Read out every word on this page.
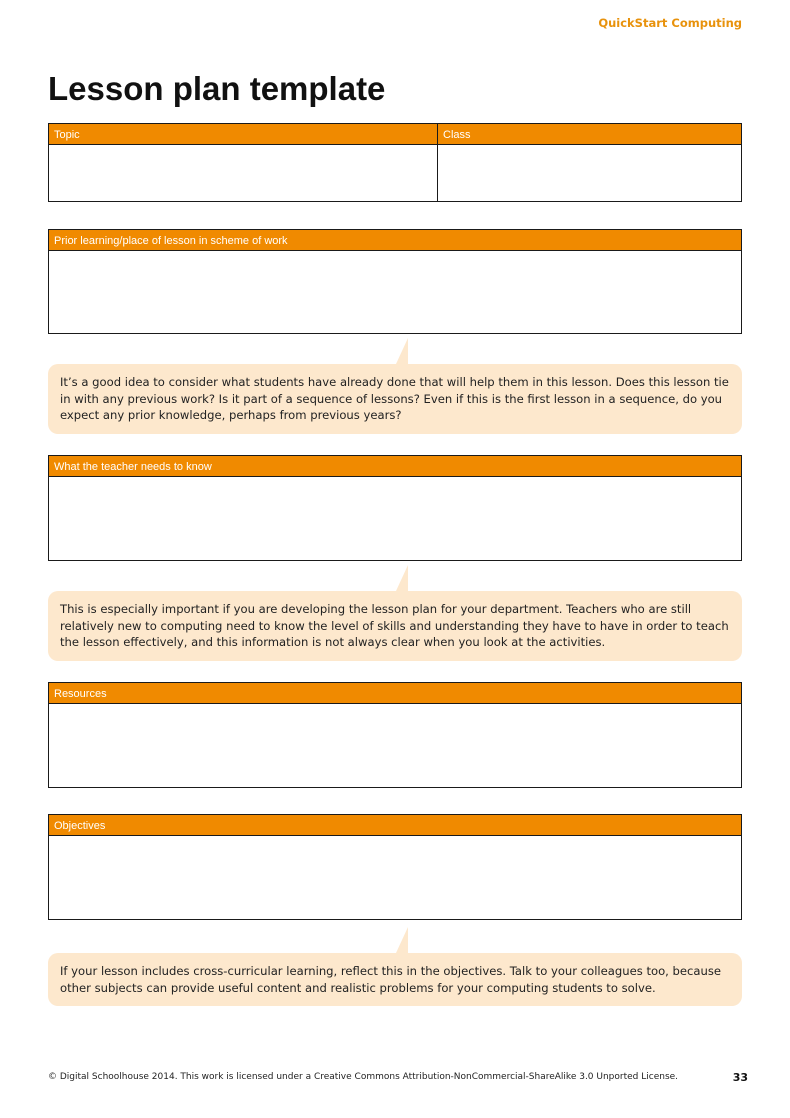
QuickStart Computing
Lesson plan template
Topic	Class
Prior learning/place of lesson in scheme of work
It’s a good idea to consider what students have already done that will help them in this lesson. Does this lesson tie in with any previous work? Is it part of a sequence of lessons? Even if this is the first lesson in a sequence, do you expect any prior knowledge, perhaps from previous years?
What the teacher needs to know
This is especially important if you are developing the lesson plan for your department. Teachers who are still relatively new to computing need to know the level of skills and understanding they have to have in order to teach the lesson effectively, and this information is not always clear when you look at the activities.
Resources
Objectives
If your lesson includes cross-curricular learning, reflect this in the objectives. Talk to your colleagues too, because other subjects can provide useful content and realistic problems for your computing students to solve.
© Digital Schoolhouse 2014. This work is licensed under a Creative Commons Attribution-NonCommercial-ShareAlike 3.0 Unported License.	33
